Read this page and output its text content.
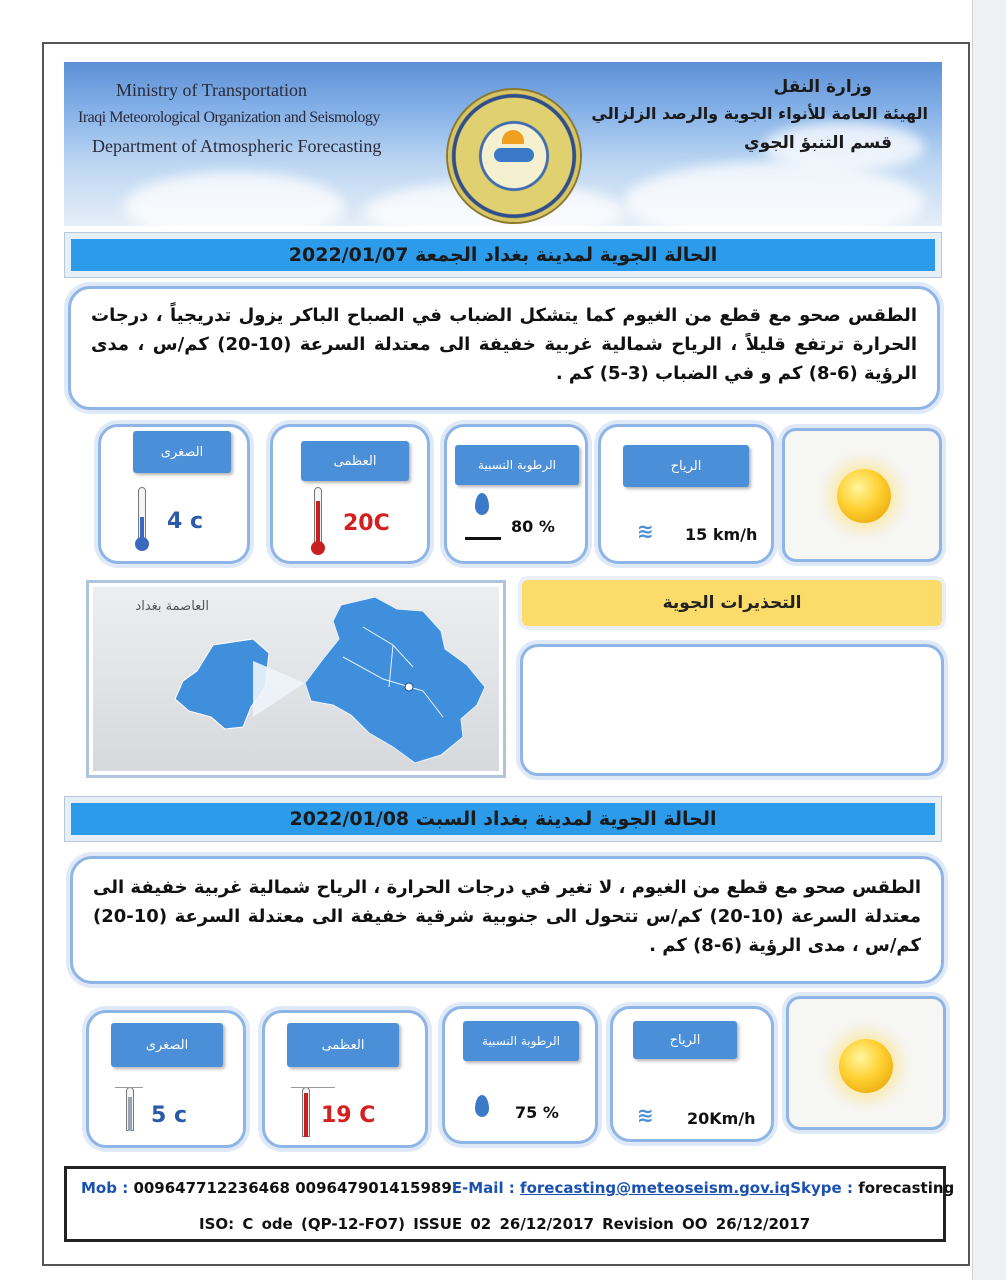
Ministry of Transportation
Iraqi Meteorological Organization and Seismology
Department of Atmospheric Forecasting
وزارة النقل
الهيئة العامة للأنواء الجوية والرصد الزلزالي
قسم التنبؤ الجوي
الحالة الجوية لمدينة بغداد الجمعة 2022/01/07

الطقس صحو مع قطع من الغيوم كما يتشكل الضباب في الصباح الباكر يزول تدريجياً ، درجات الحرارة ترتفع قليلاً ، الرياح شمالية غربية خفيفة الى معتدلة السرعة (10-20) كم/س ، مدى الرؤية (6-8) كم و في الضباب (3-5) كم .

الصغرى
4 c
العظمى
20C
الرطوبة النسبية
80 %
الرياح
≋ 15 km/h
العاصمة بغداد	التحذيرات الجوية
الحالة الجوية لمدينة بغداد السبت 2022/01/08

الطقس صحو مع قطع من الغيوم ، لا تغير في درجات الحرارة ، الرياح شمالية غربية خفيفة الى معتدلة السرعة (10-20) كم/س تتحول الى جنوبية شرقية خفيفة الى معتدلة السرعة (10-20) كم/س ، مدى الرؤية (6-8) كم .

الصغرى
5 c
العظمى
19 C
الرطوبة النسبية
75 %
الرياح
≋ 20Km/h
Mob : 009647712236468 009647901415989 E-Mail : forecasting@meteoseism.gov.iq Skype : forecasting
ISO: C ode (QP-12-FO7) ISSUE 02 26/12/2017 Revision OO 26/12/2017
